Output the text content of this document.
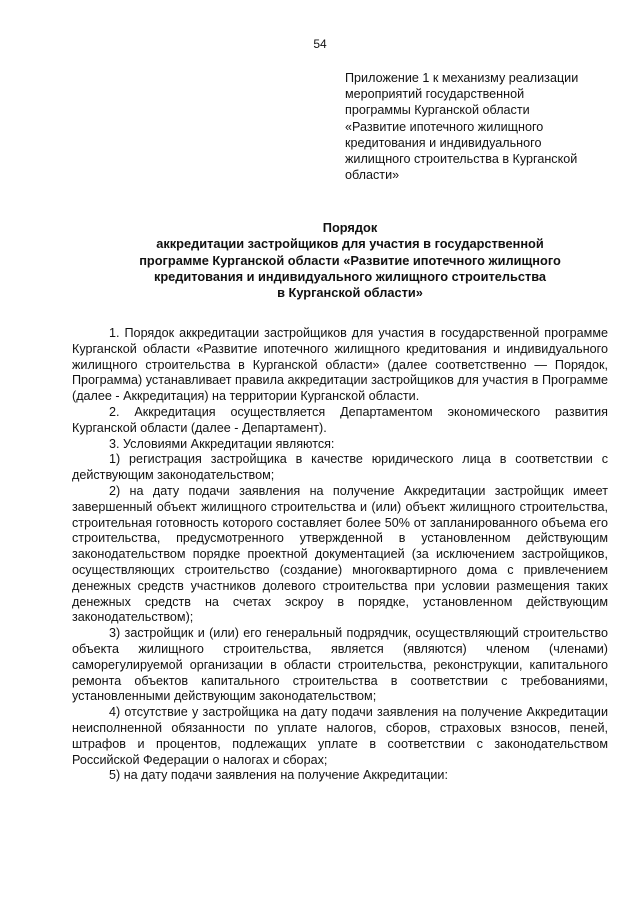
54
Приложение 1 к механизму реализации
мероприятий государственной
программы Курганской области
«Развитие ипотечного жилищного
кредитования и индивидуального
жилищного строительства в Курганской
области»
Порядок
аккредитации застройщиков для участия в государственной
программе Курганской области «Развитие ипотечного жилищного
кредитования и индивидуального жилищного строительства
в Курганской области»
1. Порядок аккредитации застройщиков для участия в государственной программе Курганской области «Развитие ипотечного жилищного кредитования и индивидуального жилищного строительства в Курганской области» (далее соответственно — Порядок, Программа) устанавливает правила аккредитации застройщиков для участия в Программе (далее - Аккредитация) на территории Курганской области.
2. Аккредитация осуществляется Департаментом экономического развития Курганской области (далее - Департамент).
3. Условиями Аккредитации являются:
1) регистрация застройщика в качестве юридического лица в соответствии с действующим законодательством;
2) на дату подачи заявления на получение Аккредитации застройщик имеет завершенный объект жилищного строительства и (или) объект жилищного строительства, строительная готовность которого составляет более 50% от запланированного объема его строительства, предусмотренного утвержденной в установленном действующим законодательством порядке проектной документацией (за исключением застройщиков, осуществляющих строительство (создание) многоквартирного дома с привлечением денежных средств участников долевого строительства при условии размещения таких денежных средств на счетах эскроу в порядке, установленном действующим законодательством);
3) застройщик и (или) его генеральный подрядчик, осуществляющий строительство объекта жилищного строительства, является (являются) членом (членами) саморегулируемой организации в области строительства, реконструкции, капитального ремонта объектов капитального строительства в соответствии с требованиями, установленными действующим законодательством;
4) отсутствие у застройщика на дату подачи заявления на получение Аккредитации неисполненной обязанности по уплате налогов, сборов, страховых взносов, пеней, штрафов и процентов, подлежащих уплате в соответствии с законодательством Российской Федерации о налогах и сборах;
5) на дату подачи заявления на получение Аккредитации:
